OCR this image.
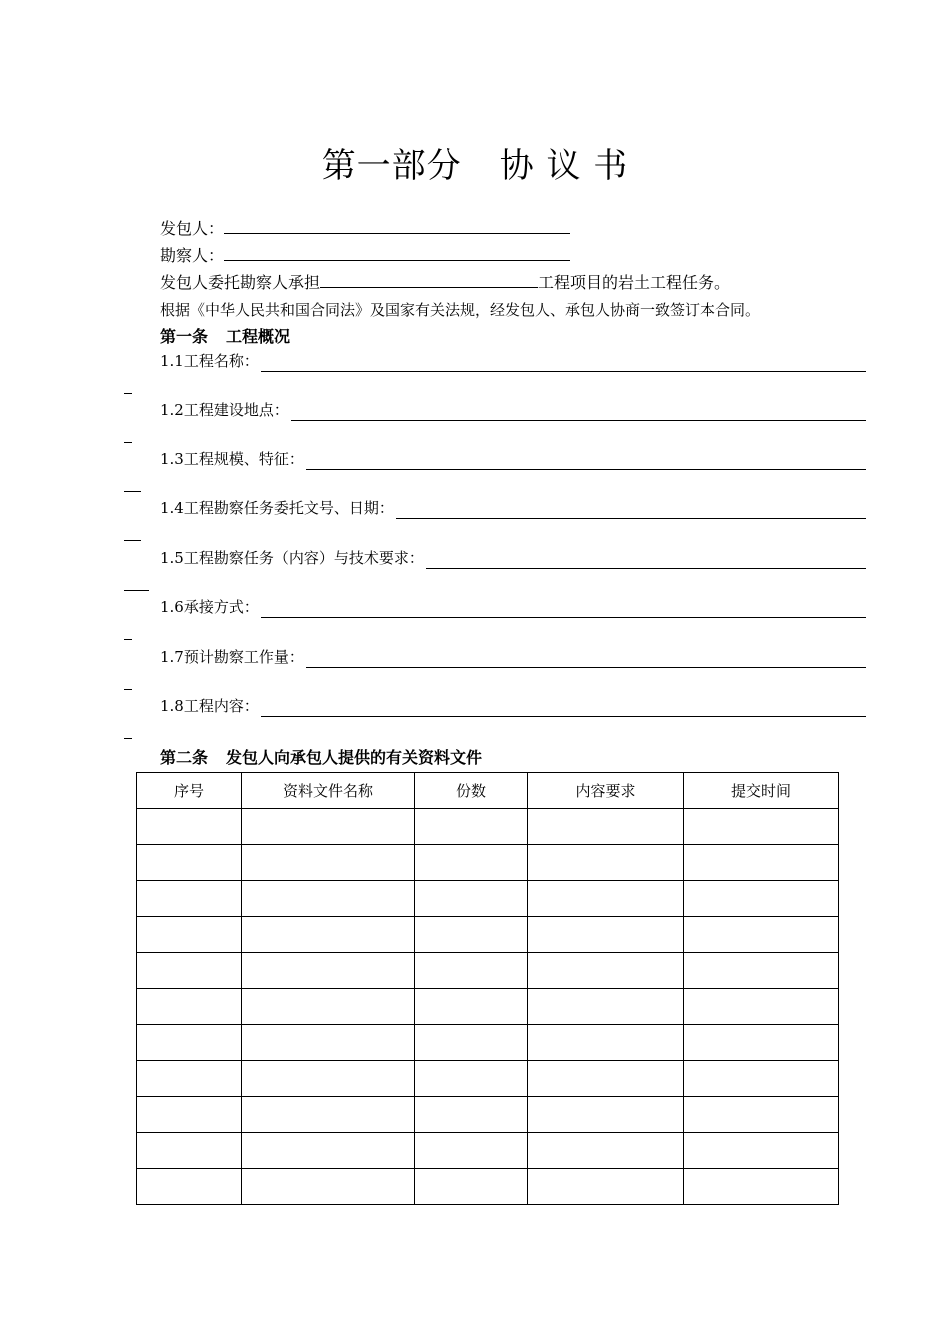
第一部分 协 议 书
发包人：
勘察人：
发包人委托勘察人承担	工程项目的岩土工程任务。
根据《中华人民共和国合同法》及国家有关法规，经发包人、承包人协商一致签订本合同。
第一条 工程概况
1.1工程名称：
1.2工程建设地点：
1.3工程规模、特征：
1.4工程勘察任务委托文号、日期：
1.5工程勘察任务（内容）与技术要求：
1.6承接方式：
1.7预计勘察工作量：
1.8工程内容：
第二条 发包人向承包人提供的有关资料文件
序号	资料文件名称	份数	内容要求	提交时间
